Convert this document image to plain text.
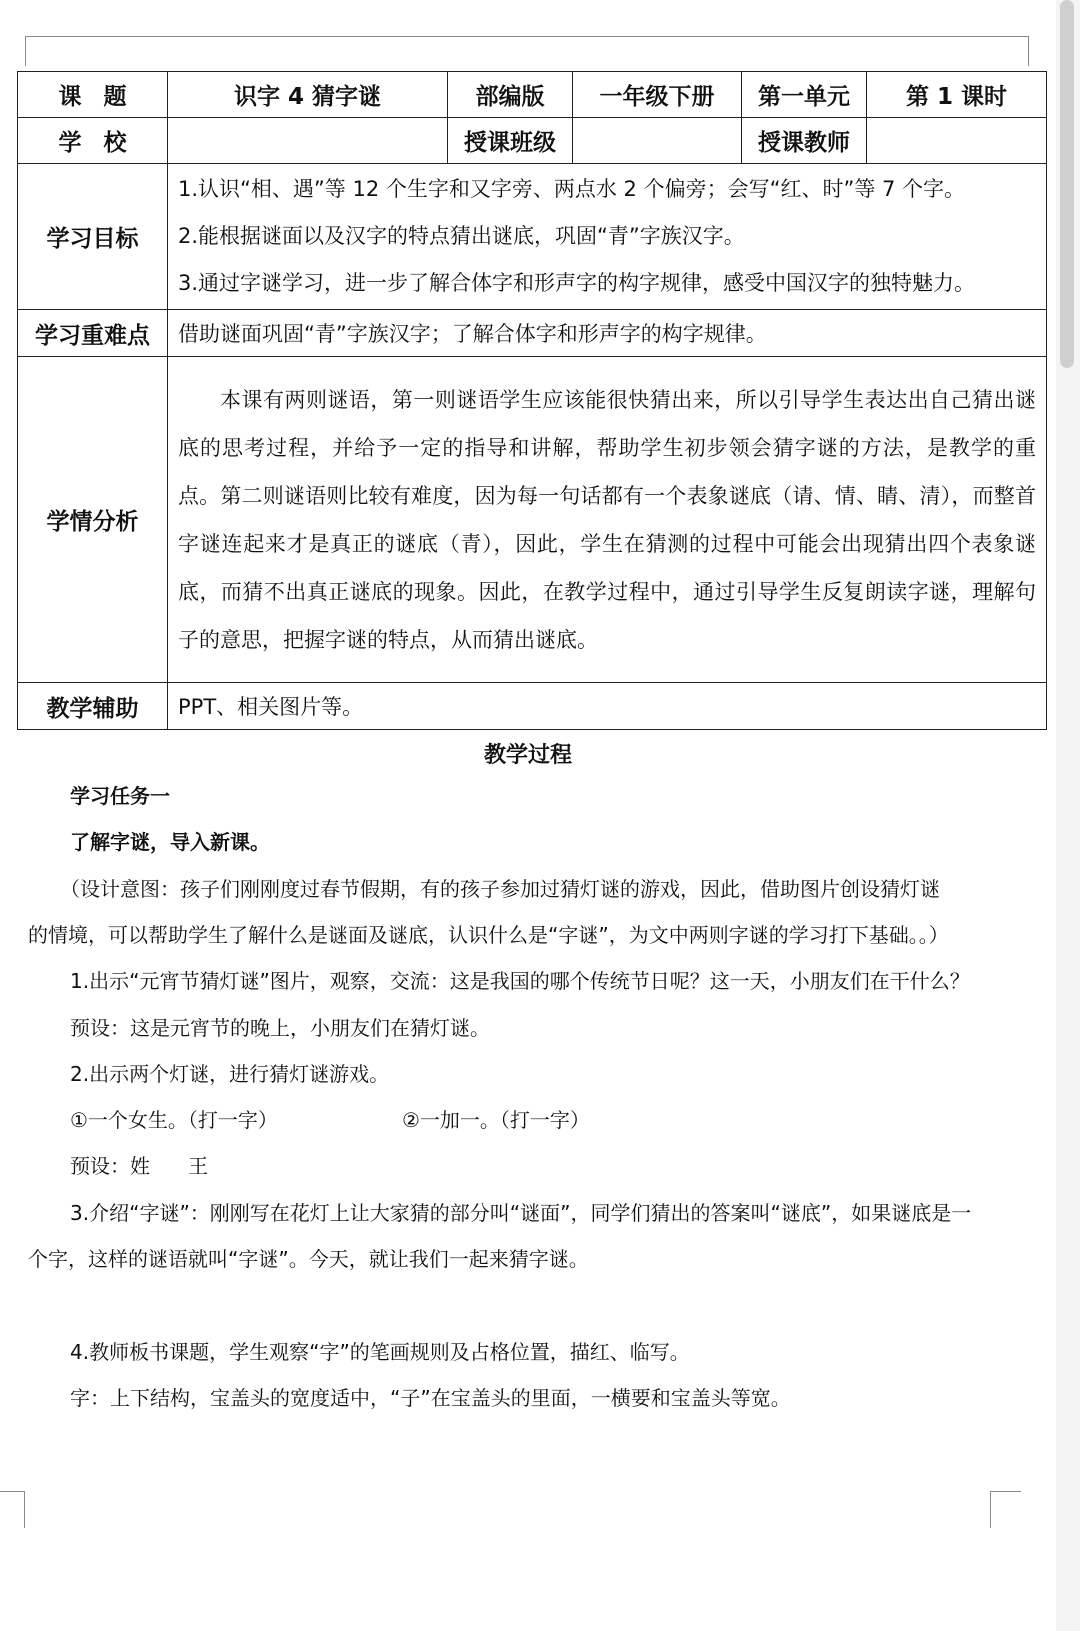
课题	识字 4 猜字谜	部编版	一年级下册	第一单元	第 1 课时
学校		授课班级		授课教师	
学习目标	1.认识“相、遇”等 12 个生字和又字旁、两点水 2 个偏旁；会写“红、时”等 7 个字。
2.能根据谜面以及汉字的特点猜出谜底，巩固“青”字族汉字。
3.通过字谜学习，进一步了解合体字和形声字的构字规律，感受中国汉字的独特魅力。				

学习重难点	借助谜面巩固“青”字族汉字；了解合体字和形声字的构字规律。				
学情分析	本课有两则谜语，第一则谜语学生应该能很快猜出来，所以引导学生表达出自己猜出谜底的思考过程，并给予一定的指导和讲解，帮助学生初步领会猜字谜的方法，是教学的重点。第二则谜语则比较有难度，因为每一句话都有一个表象谜底（请、情、睛、清），而整首字谜连起来才是真正的谜底（青），因此，学生在猜测的过程中可能会出现猜出四个表象谜底，而猜不出真正谜底的现象。因此，在教学过程中，通过引导学生反复朗读字谜，理解句子的意思，把握字谜的特点，从而猜出谜底。				

教学辅助	PPT、相关图片等。				
教学过程
学习任务一
了解字谜，导入新课。
（设计意图：孩子们刚刚度过春节假期，有的孩子参加过猜灯谜的游戏，因此，借助图片创设猜灯谜
的情境，可以帮助学生了解什么是谜面及谜底，认识什么是“字谜”，为文中两则字谜的学习打下基础。。）
1.出示“元宵节猜灯谜”图片，观察，交流：这是我国的哪个传统节日呢？这一天，小朋友们在干什么？
预设：这是元宵节的晚上，小朋友们在猜灯谜。
2.出示两个灯谜，进行猜灯谜游戏。
①一个女生。（打一字）	②一加一。（打一字）
预设：姓      王
3.介绍“字谜”：刚刚写在花灯上让大家猜的部分叫“谜面”，同学们猜出的答案叫“谜底”，如果谜底是一
个字，这样的谜语就叫“字谜”。今天，就让我们一起来猜字谜。
4.教师板书课题，学生观察“字”的笔画规则及占格位置，描红、临写。
字：上下结构，宝盖头的宽度适中，“子”在宝盖头的里面，一横要和宝盖头等宽。
